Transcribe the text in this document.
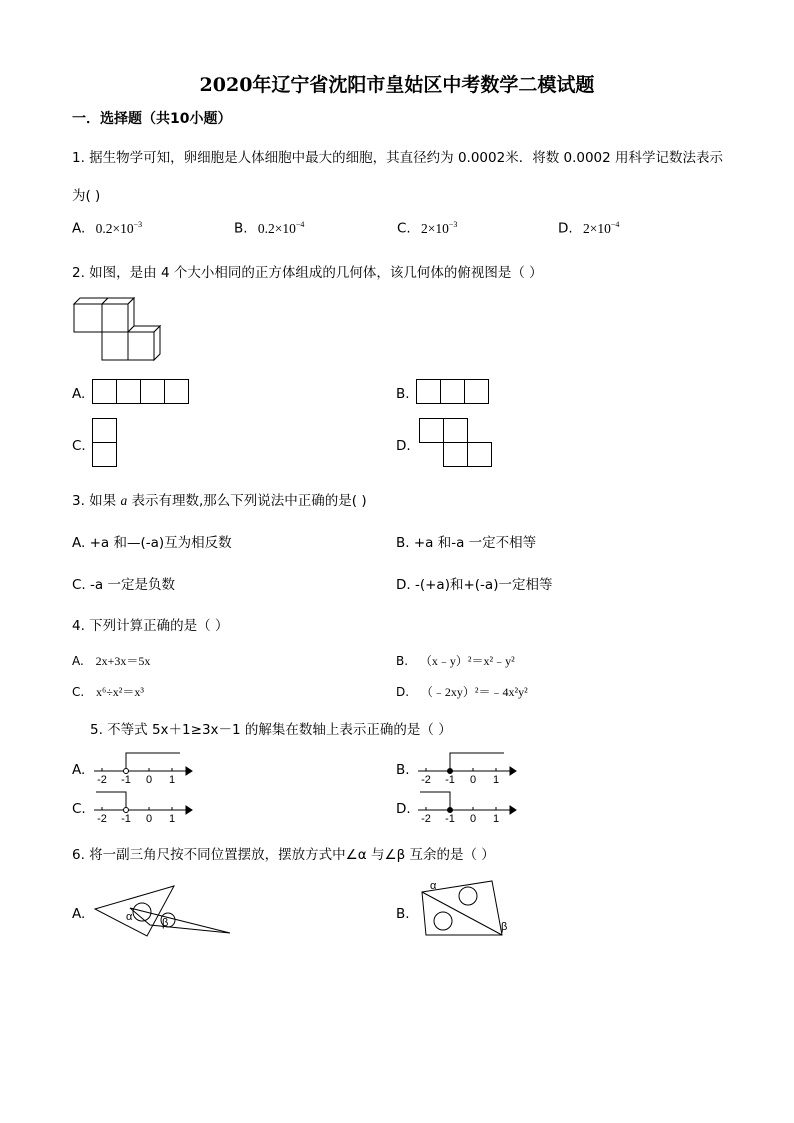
2020年辽宁省沈阳市皇姑区中考数学二模试题
一．选择题（共10小题）
1. 据生物学可知，卵细胞是人体细胞中最大的细胞，其直径约为 0.0002米．将数 0.0002 用科学记数法表示
为( )
A. $0.2\times 10^{-3}$	B. $0.2\times 10^{-4}$	C. $2\times 10^{-3}$	D. $2\times 10^{-4}$
2. 如图，是由 4 个大小相同的正方体组成的几何体，该几何体的俯视图是（ ）
A.	B.
C.	D.
3. 如果 a 表示有理数,那么下列说法中正确的是( )
A. +a 和—(-a)互为相反数	B. +a 和-a 一定不相等
C. -a 一定是负数	D. -(+a)和+(-a)一定相等
4. 下列计算正确的是（ ）
A. 2x+3x＝5x	B. （x﹣y）²＝x²﹣y²
C. x⁶÷x²＝x³	D. （﹣2xy）²＝﹣4x²y²
5. 不等式 5x＋1≥3x－1 的解集在数轴上表示正确的是（ ）
A.
-2 -1 0 1
B.
-2 -1 0 1
C.
-2 -1 0 1
D.
-2 -1 0 1
6. 将一副三角尺按不同位置摆放，摆放方式中∠α 与∠β 互余的是（ ）
A.	α	β
B.
α
β
